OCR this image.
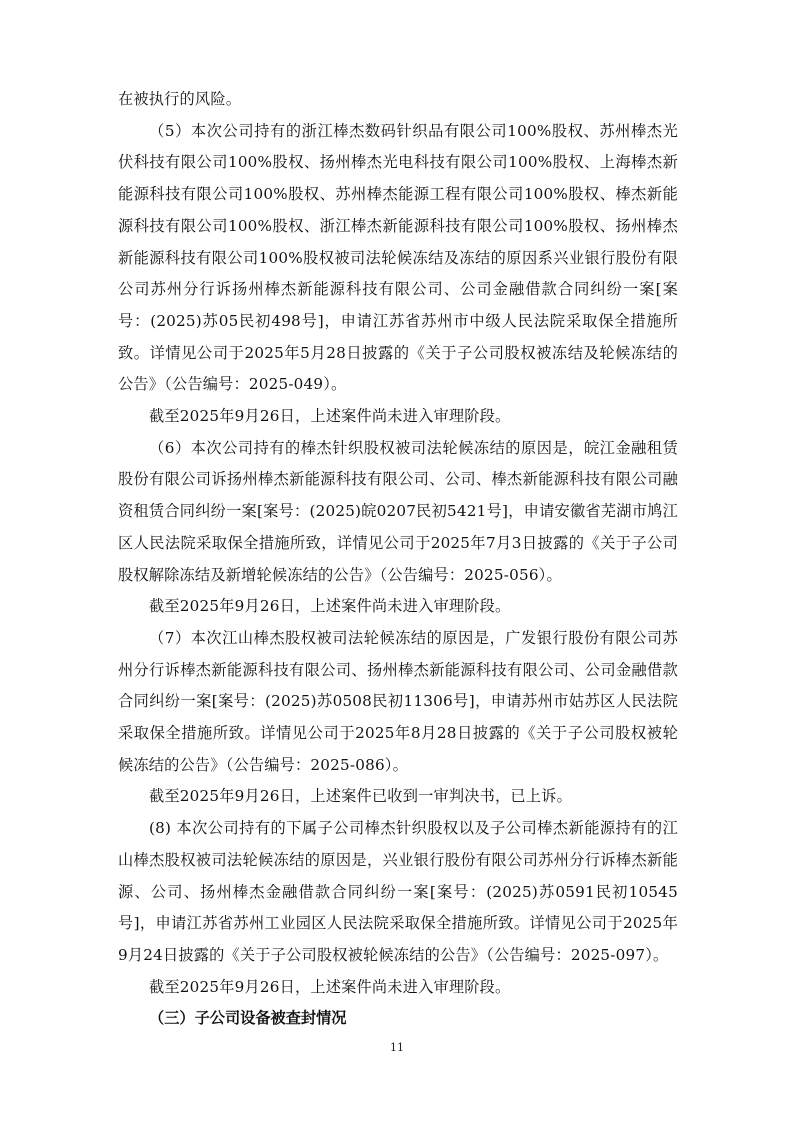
在被执行的风险。

（5）本次公司持有的浙江棒杰数码针织品有限公司100%股权、苏州棒杰光伏科技有限公司100%股权、扬州棒杰光电科技有限公司100%股权、上海棒杰新能源科技有限公司100%股权、苏州棒杰能源工程有限公司100%股权、棒杰新能源科技有限公司100%股权、浙江棒杰新能源科技有限公司100%股权、扬州棒杰新能源科技有限公司100%股权被司法轮候冻结及冻结的原因系兴业银行股份有限公司苏州分行诉扬州棒杰新能源科技有限公司、公司金融借款合同纠纷一案[案号：(2025)苏05民初498号]，申请江苏省苏州市中级人民法院采取保全措施所致。详情见公司于2025年5月28日披露的《关于子公司股权被冻结及轮候冻结的公告》（公告编号：2025-049）。

截至2025年9月26日，上述案件尚未进入审理阶段。

（6）本次公司持有的棒杰针织股权被司法轮候冻结的原因是，皖江金融租赁股份有限公司诉扬州棒杰新能源科技有限公司、公司、棒杰新能源科技有限公司融资租赁合同纠纷一案[案号：(2025)皖0207民初5421号]，申请安徽省芜湖市鸠江区人民法院采取保全措施所致，详情见公司于2025年7月3日披露的《关于子公司股权解除冻结及新增轮候冻结的公告》（公告编号：2025-056）。

截至2025年9月26日，上述案件尚未进入审理阶段。

（7）本次江山棒杰股权被司法轮候冻结的原因是，广发银行股份有限公司苏州分行诉棒杰新能源科技有限公司、扬州棒杰新能源科技有限公司、公司金融借款合同纠纷一案[案号：(2025)苏0508民初11306号]，申请苏州市姑苏区人民法院采取保全措施所致。详情见公司于2025年8月28日披露的《关于子公司股权被轮候冻结的公告》（公告编号：2025-086）。

截至2025年9月26日，上述案件已收到一审判决书，已上诉。

(8) 本次公司持有的下属子公司棒杰针织股权以及子公司棒杰新能源持有的江山棒杰股权被司法轮候冻结的原因是，兴业银行股份有限公司苏州分行诉棒杰新能源、公司、扬州棒杰金融借款合同纠纷一案[案号：(2025)苏0591民初10545号]，申请江苏省苏州工业园区人民法院采取保全措施所致。详情见公司于2025年9月24日披露的《关于子公司股权被轮候冻结的公告》（公告编号：2025-097）。

截至2025年9月26日，上述案件尚未进入审理阶段。

（三）子公司设备被查封情况

11
